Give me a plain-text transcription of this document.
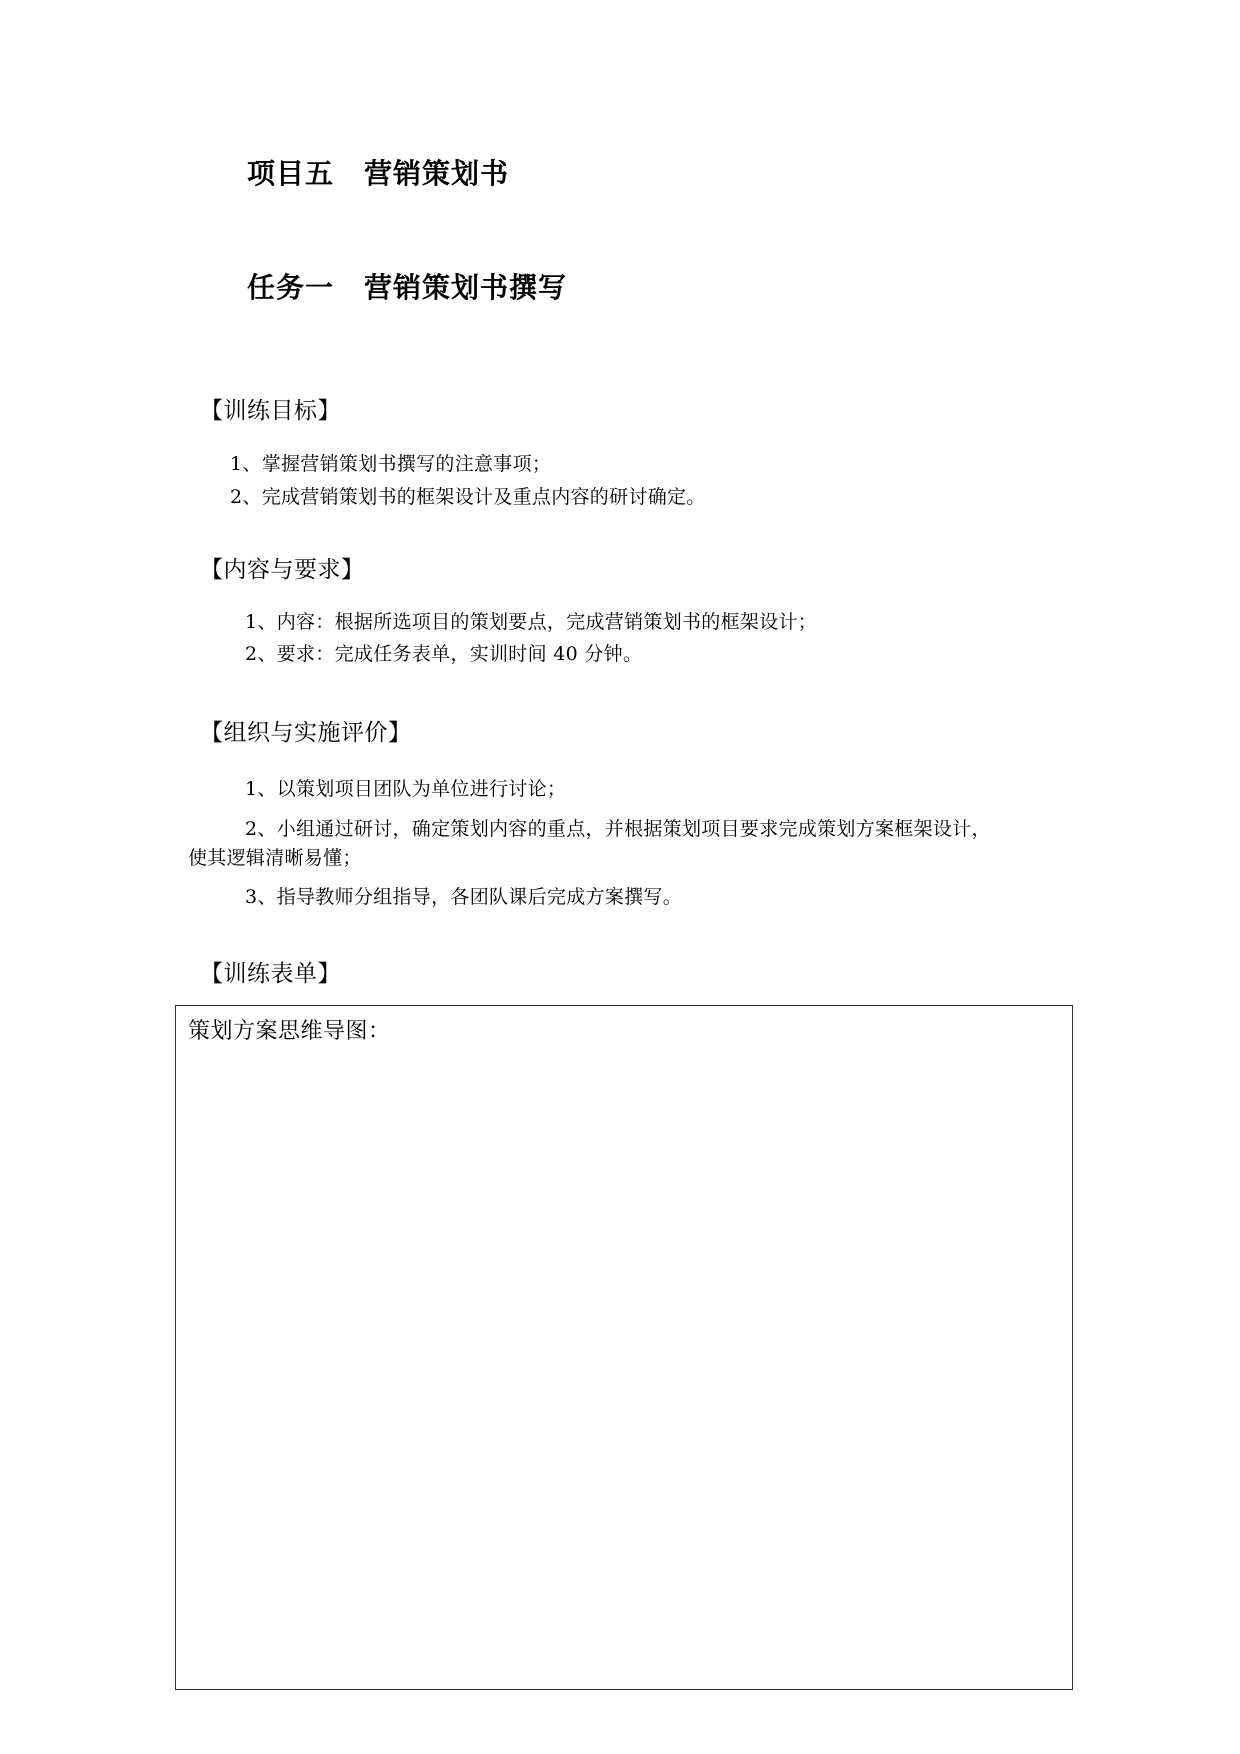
项目五 营销策划书
任务一 营销策划书撰写
【训练目标】
1、掌握营销策划书撰写的注意事项；
2、完成营销策划书的框架设计及重点内容的研讨确定。
【内容与要求】
1、内容：根据所选项目的策划要点，完成营销策划书的框架设计；
2、要求：完成任务表单，实训时间 40 分钟。
【组织与实施评价】
1、以策划项目团队为单位进行讨论；
2、小组通过研讨，确定策划内容的重点，并根据策划项目要求完成策划方案框架设计，
使其逻辑清晰易懂；
3、指导教师分组指导，各团队课后完成方案撰写。
【训练表单】
策划方案思维导图：
